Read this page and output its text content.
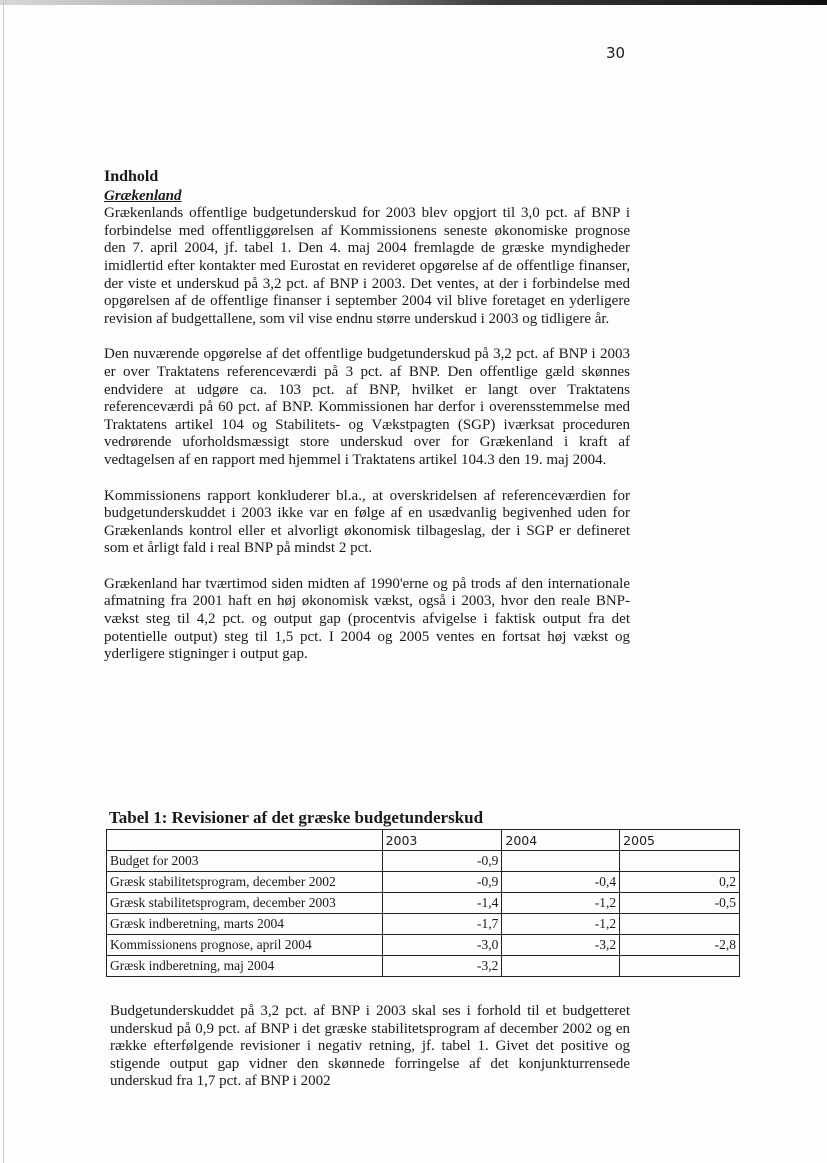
30
Indhold
Grækenland

Grækenlands offentlige budgetunderskud for 2003 blev opgjort til 3,0 pct. af BNP i forbindelse med offentliggørelsen af Kommissionens seneste økonomiske prognose den 7. april 2004, jf. tabel 1. Den 4. maj 2004 fremlagde de græske myndigheder imidlertid efter kontakter med Eurostat en revideret opgørelse af de offentlige finanser, der viste et underskud på 3,2 pct. af BNP i 2003. Det ventes, at der i forbindelse med opgørelsen af de offentlige finanser i september 2004 vil blive foretaget en yderligere revision af budgettallene, som vil vise endnu større underskud i 2003 og tidligere år.

Den nuværende opgørelse af det offentlige budgetunderskud på 3,2 pct. af BNP i 2003 er over Traktatens referenceværdi på 3 pct. af BNP. Den offentlige gæld skønnes endvidere at udgøre ca. 103 pct. af BNP, hvilket er langt over Traktatens referenceværdi på 60 pct. af BNP. Kommissionen har derfor i overensstemmelse med Traktatens artikel 104 og Stabilitets- og Vækstpagten (SGP) iværksat proceduren vedrørende uforholdsmæssigt store underskud over for Grækenland i kraft af vedtagelsen af en rapport med hjemmel i Traktatens artikel 104.3 den 19. maj 2004.

Kommissionens rapport konkluderer bl.a., at overskridelsen af referenceværdien for budgetunderskuddet i 2003 ikke var en følge af en usædvanlig begivenhed uden for Grækenlands kontrol eller et alvorligt økonomisk tilbageslag, der i SGP er defineret som et årligt fald i real BNP på mindst 2 pct.

Grækenland har tværtimod siden midten af 1990'erne og på trods af den internationale afmatning fra 2001 haft en høj økonomisk vækst, også i 2003, hvor den reale BNP-vækst steg til 4,2 pct. og output gap (procentvis afvigelse i faktisk output fra det potentielle output) steg til 1,5 pct. I 2004 og 2005 ventes en fortsat høj vækst og yderligere stigninger i output gap.

Tabel 1: Revisioner af det græske budgetunderskud
	2003	2004	2005
Budget for 2003	-0,9		
Græsk stabilitetsprogram, december 2002	-0,9	-0,4	0,2
Græsk stabilitetsprogram, december 2003	-1,4	-1,2	-0,5
Græsk indberetning, marts 2004	-1,7	-1,2	
Kommissionens prognose, april 2004	-3,0	-3,2	-2,8
Græsk indberetning, maj 2004	-3,2		

Budgetunderskuddet på 3,2 pct. af BNP i 2003 skal ses i forhold til et budgetteret underskud på 0,9 pct. af BNP i det græske stabilitetsprogram af december 2002 og en række efterfølgende revisioner i negativ retning, jf. tabel 1. Givet det positive og stigende output gap vidner den skønnede forringelse af det konjunkturrensede underskud fra 1,7 pct. af BNP i 2002
